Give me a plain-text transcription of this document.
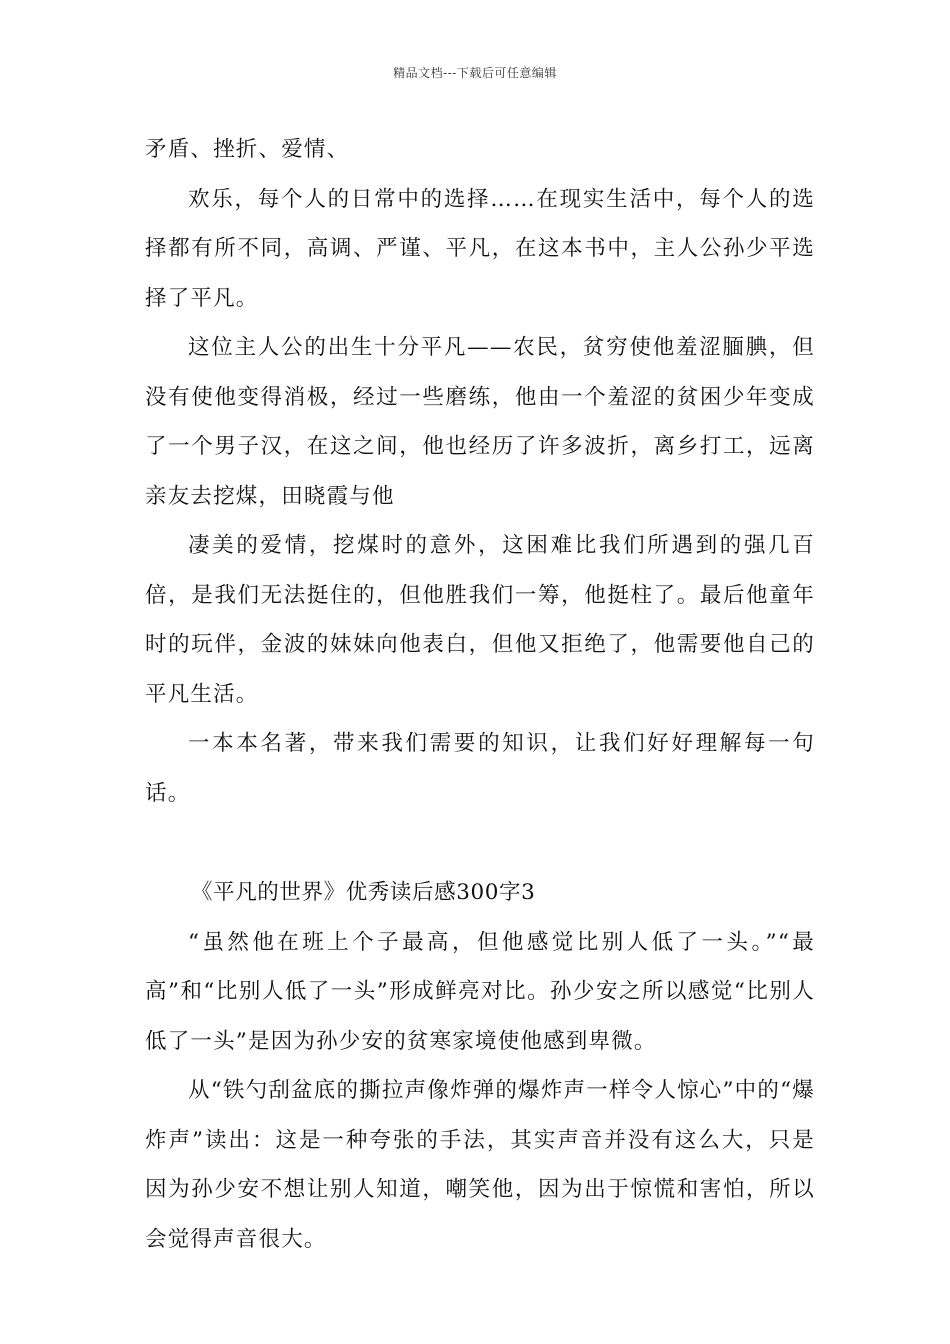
精品文档---下载后可任意编辑

矛盾、挫折、爱情、

欢乐，每个人的日常中的选择……在现实生活中，每个人的选择都有所不同，高调、严谨、平凡，在这本书中，主人公孙少平选择了平凡。

这位主人公的出生十分平凡——农民，贫穷使他羞涩腼腆，但没有使他变得消极，经过一些磨练，他由一个羞涩的贫困少年变成了一个男子汉，在这之间，他也经历了许多波折，离乡打工，远离亲友去挖煤，田晓霞与他

凄美的爱情，挖煤时的意外，这困难比我们所遇到的强几百倍，是我们无法挺住的，但他胜我们一筹，他挺柱了。最后他童年时的玩伴，金波的妹妹向他表白，但他又拒绝了，他需要他自己的平凡生活。

一本本名著，带来我们需要的知识，让我们好好理解每一句话。

《平凡的世界》优秀读后感300字3

“虽然他在班上个子最高，但他感觉比别人低了一头。”“最高”和“比别人低了一头”形成鲜亮对比。孙少安之所以感觉“比别人低了一头”是因为孙少安的贫寒家境使他感到卑微。

从“铁勺刮盆底的撕拉声像炸弹的爆炸声一样令人惊心”中的“爆炸声”读出：这是一种夸张的手法，其实声音并没有这么大，只是因为孙少安不想让别人知道，嘲笑他，因为出于惊慌和害怕，所以会觉得声音很大。
